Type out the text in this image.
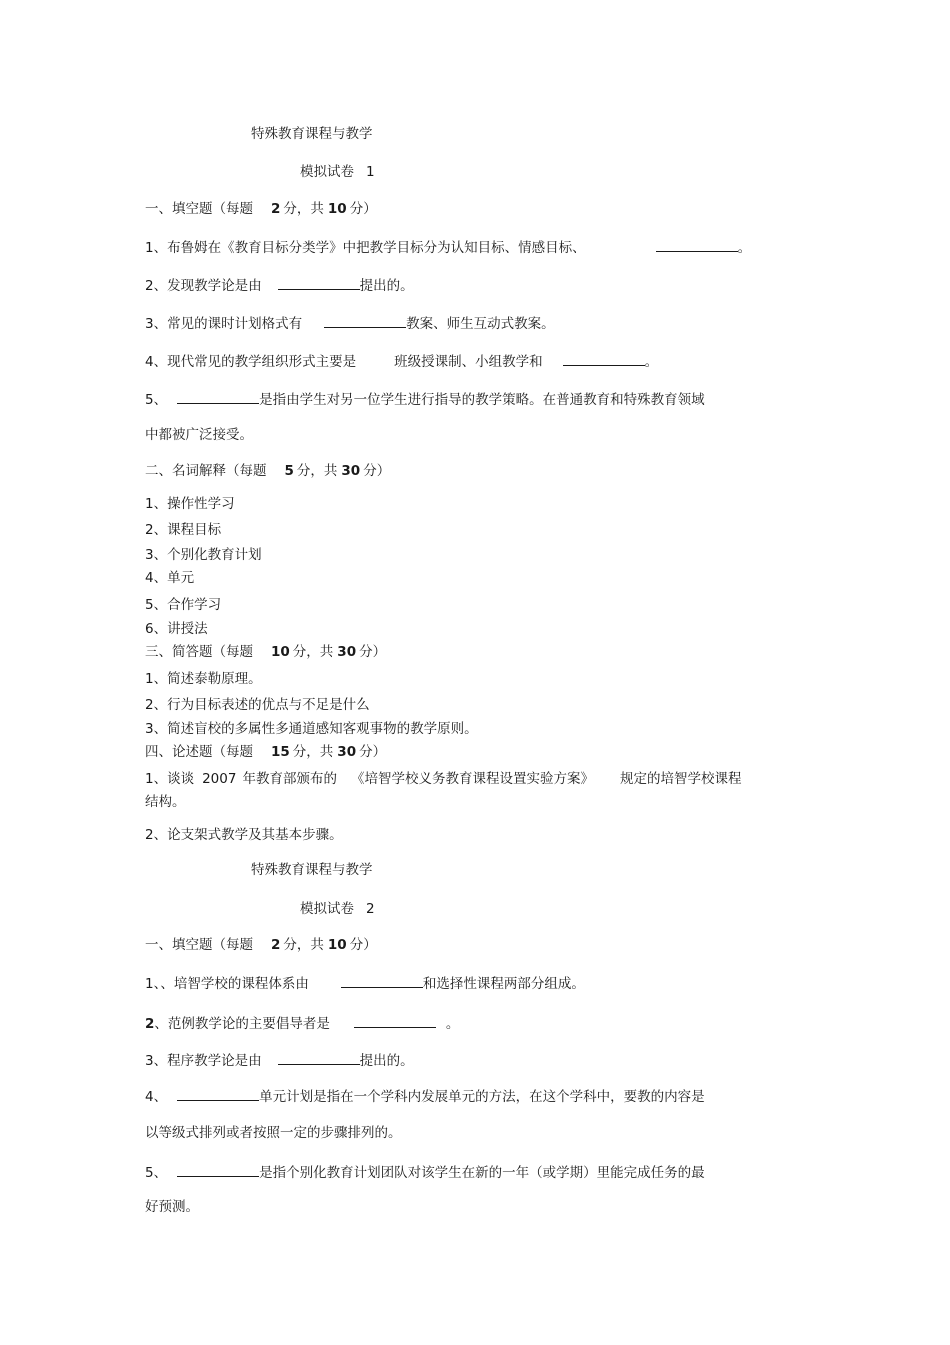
特殊教育课程与教学
模拟试卷 1
一、填空题（每题 2 分，共 10 分）
1、布鲁姆在《教育目标分类学》中把教学目标分为认知目标、情感目标、	。
2、发现教学论是由	提出的。
3、常见的课时计划格式有	教案、师生互动式教案。
4、现代常见的教学组织形式主要是	班级授课制、小组教学和	。
5、	是指由学生对另一位学生进行指导的教学策略。在普通教育和特殊教育领域
中都被广泛接受。
二、名词解释（每题 5 分，共 30 分）
1、操作性学习
2、课程目标
3、个别化教育计划
4、单元
5、合作学习
6、讲授法
三、简答题（每题 10 分，共 30 分）
1、简述泰勒原理。
2、行为目标表述的优点与不足是什么
3、简述盲校的多属性多通道感知客观事物的教学原则。
四、论述题（每题 15 分，共 30 分）
1、谈谈 2007 年教育部颁布的 《培智学校义务教育课程设置实验方案》 规定的培智学校课程
结构。
2、论支架式教学及其基本步骤。
特殊教育课程与教学
模拟试卷 2
一、填空题（每题 2 分，共 10 分）
1、、培智学校的课程体系由	和选择性课程两部分组成。
2、范例教学论的主要倡导者是	。
3、程序教学论是由	提出的。
4、	单元计划是指在一个学科内发展单元的方法，在这个学科中，要教的内容是
以等级式排列或者按照一定的步骤排列的。
5、	是指个别化教育计划团队对该学生在新的一年（或学期）里能完成任务的最
好预测。
